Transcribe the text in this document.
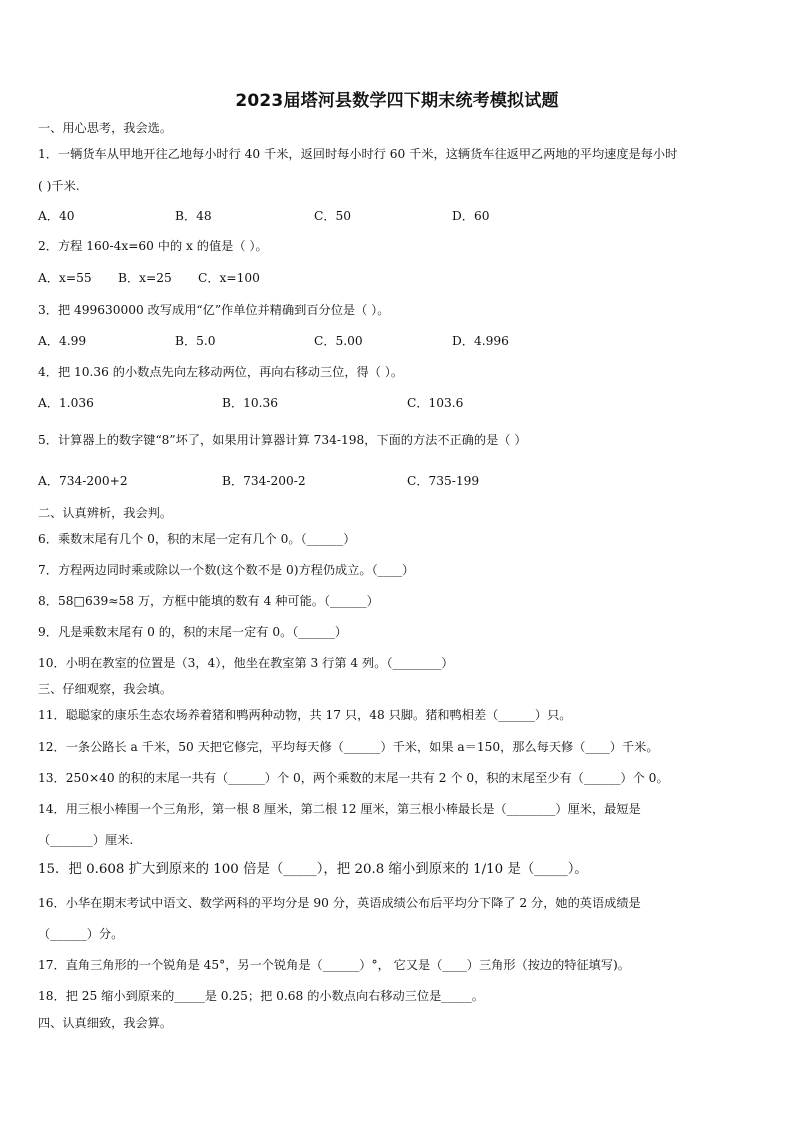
2023届塔河县数学四下期末统考模拟试题
一、用心思考，我会选。
1．一辆货车从甲地开往乙地每小时行 40 千米，返回时每小时行 60 千米，这辆货车往返甲乙两地的平均速度是每小时
( )千米.
A．40	B．48	C．50	D．60
2．方程 160-4x=60 中的 x 的值是（ ）。
A．x=55 B．x=25 C．x=100
3．把 499630000 改写成用“亿”作单位并精确到百分位是（ ）。
A．4.99	B．5.0	C．5.00	D．4.996
4．把 10.36 的小数点先向左移动两位，再向右移动三位，得（ ）。
A．1.036	B．10.36	C．103.6
5．计算器上的数字键“8”坏了，如果用计算器计算 734-198，下面的方法不正确的是（ ）
A．734-200+2	B．734-200-2	C．735-199
二、认真辨析，我会判。
6．乘数末尾有几个 0，积的末尾一定有几个 0。（______）
7．方程两边同时乘或除以一个数(这个数不是 0)方程仍成立。（____）
8．58□639≈58 万，方框中能填的数有 4 种可能。（______）
9．凡是乘数末尾有 0 的，积的末尾一定有 0。（______）
10．小明在教室的位置是（3，4），他坐在教室第 3 行第 4 列。（________）
三、仔细观察，我会填。
11．聪聪家的康乐生态农场养着猪和鸭两种动物，共 17 只，48 只脚。猪和鸭相差（______）只。
12．一条公路长 a 千米，50 天把它修完，平均每天修（______）千米，如果 a＝150，那么每天修（____）千米。
13．250×40 的积的末尾一共有（______）个 0，两个乘数的末尾一共有 2 个 0，积的末尾至少有（______）个 0。
14．用三根小棒围一个三角形，第一根 8 厘米，第二根 12 厘米，第三根小棒最长是（________）厘米，最短是
（_______）厘米.
15．把 0.608 扩大到原来的 100 倍是（_____），把 20.8 缩小到原来的 1/10 是（_____）。
16．小华在期末考试中语文、数学两科的平均分是 90 分，英语成绩公布后平均分下降了 2 分，她的英语成绩是
（______）分。
17．直角三角形的一个锐角是 45°，另一个锐角是（______）°， 它又是（____）三角形（按边的特征填写)。
18．把 25 缩小到原来的_____是 0.25；把 0.68 的小数点向右移动三位是_____。
四、认真细致，我会算。
